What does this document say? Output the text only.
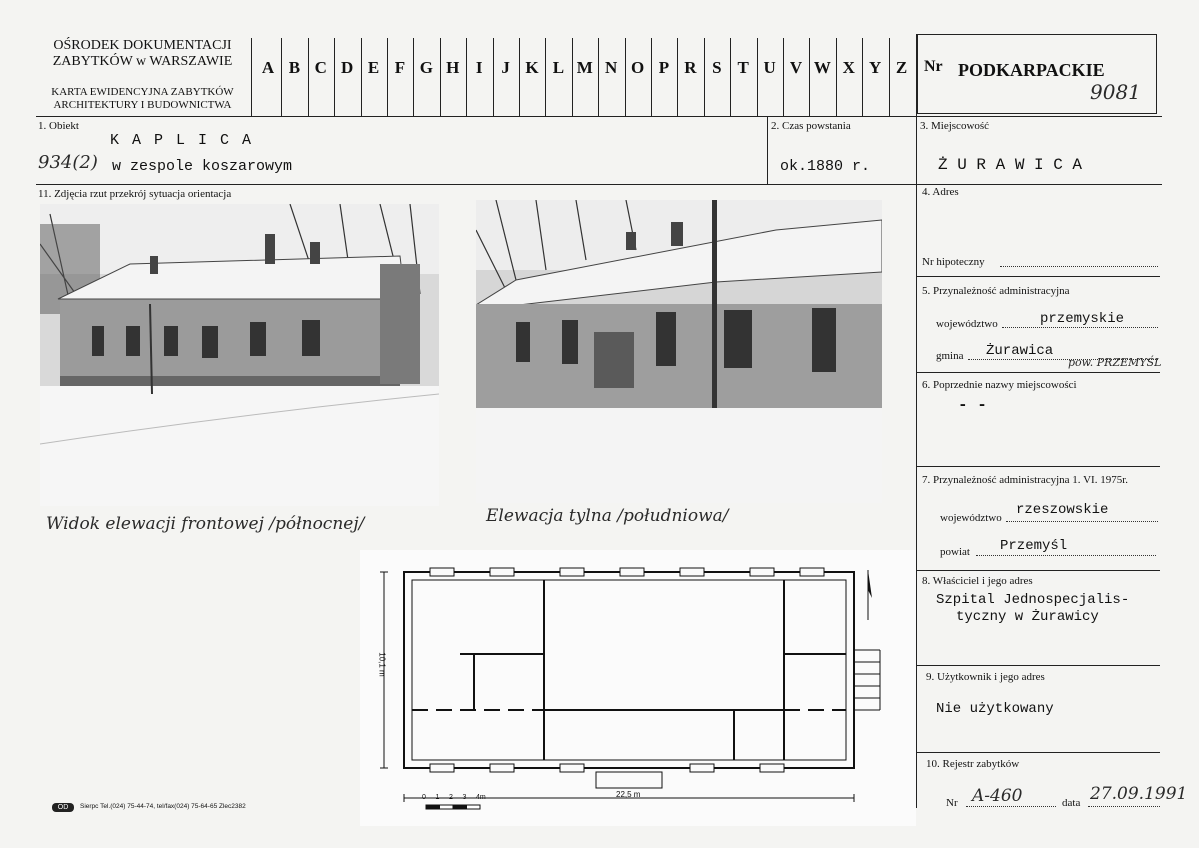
OŚRODEK DOKUMENTACJI
ZABYTKÓW w WARSZAWIE
KARTA EWIDENCYJNA ZABYTKÓW
ARCHITEKTURY I BUDOWNICTWA
A B C D E F G H I	J K L M N O P R S T U V W X Y Z Nr PODKARPACKIE
9081
1. Obiekt
K A P L I C A
934(2) w zespole koszarowym
2. Czas powstania
ok.1880 r.
3. Miejscowość
Ż U R A W I C A
4. Adres
Nr hipoteczny
5. Przynależność administracyjna
województwo	przemyskie
gmina Żurawica
pow. PRZEMYŚL
6. Poprzednie nazwy miejscowości
- -
7. Przynależność administracyjna 1. VI. 1975r.
województwo rzeszowskie
powiat Przemyśl
8. Właściciel i jego adres
Szpital Jednospecjalis-
tyczny w Żurawicy
9. Użytkownik i jego adres
Nie użytkowany
10. Rejestr zabytków
Nr A-460	data 27.09.1991
11. Zdjęcia rzut przekrój sytuacja orientacja
Widok elewacji frontowej /północnej/	Elewacja tylna /południowa/
22,5 m
10,1 m
0 1 2 3 4m
OD	Sierpc Tel.(024) 75-44-74, tel/fax(024) 75-64-65 Zlec2382
